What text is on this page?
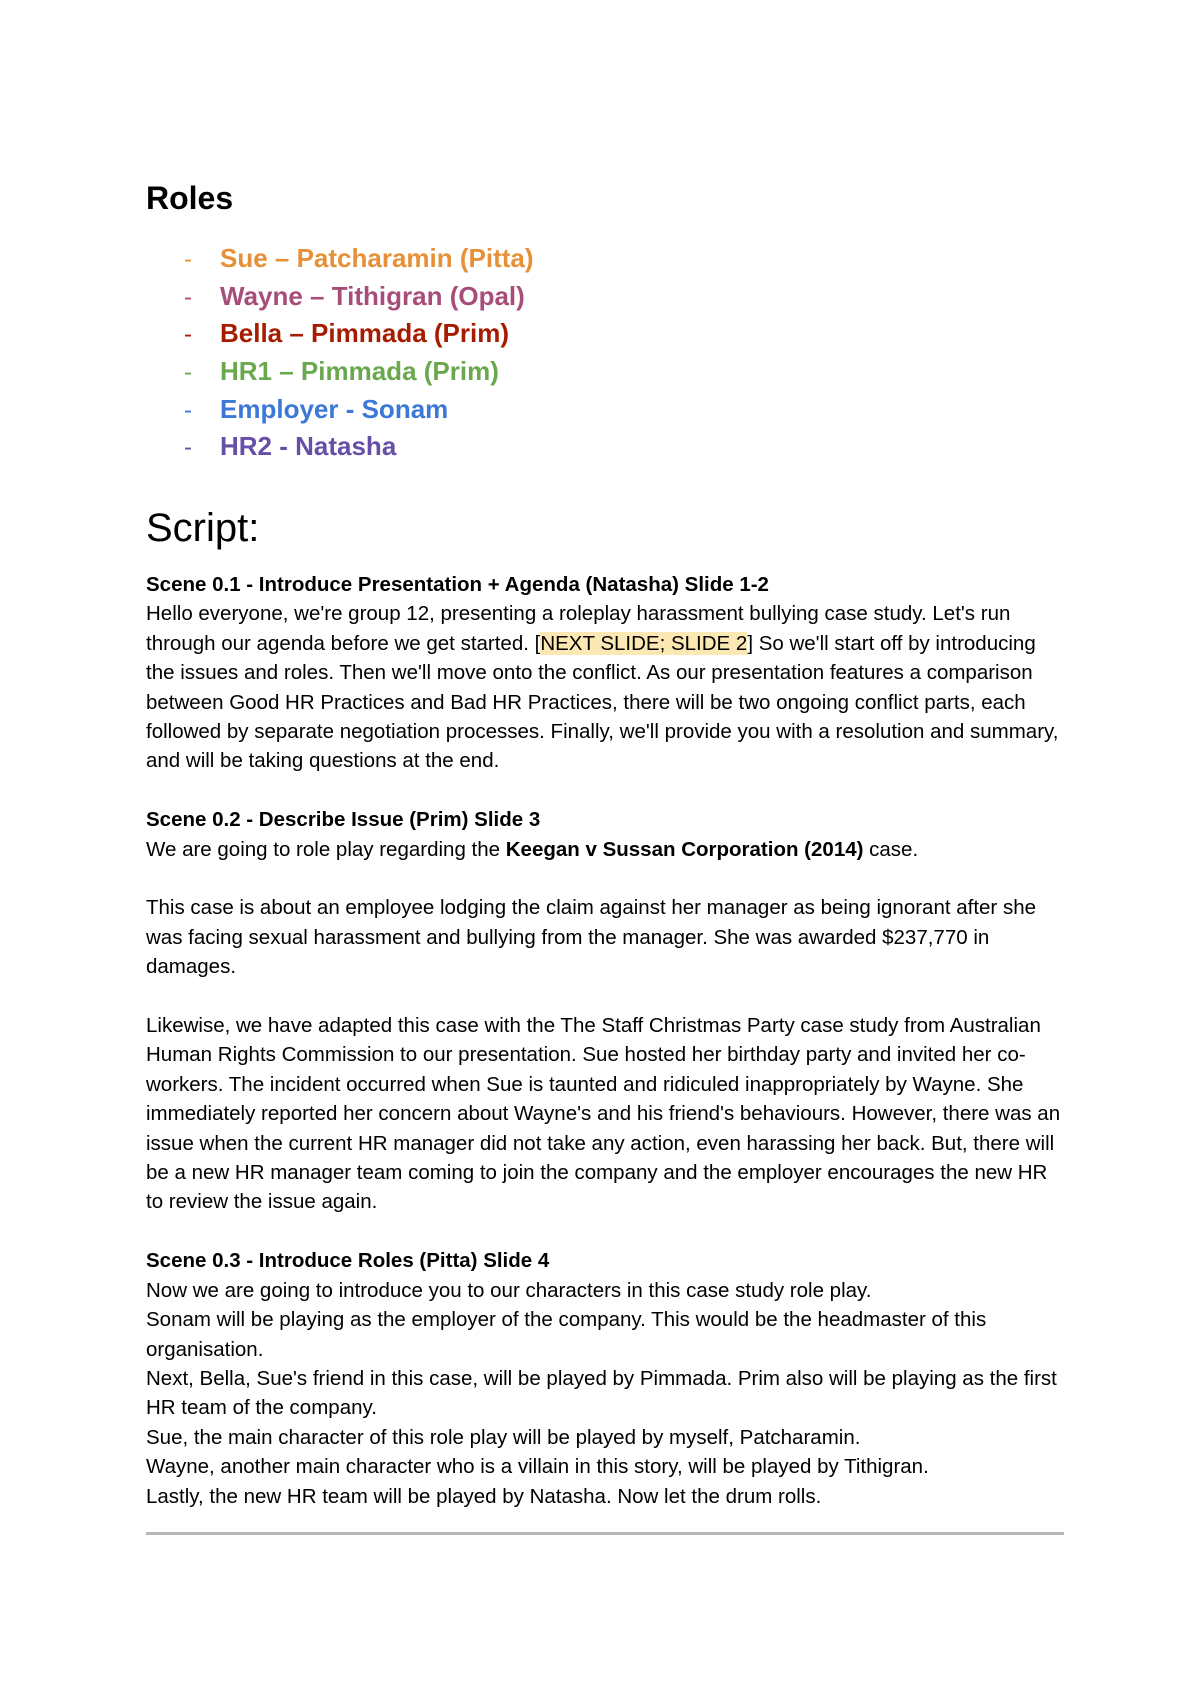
Roles
-	Sue – Patcharamin (Pitta)
-	Wayne – Tithigran (Opal)
-	Bella – Pimmada (Prim)
-	HR1 – Pimmada (Prim)
-	Employer - Sonam
-	HR2 - Natasha
Script:

Scene 0.1 - Introduce Presentation + Agenda (Natasha) Slide 1-2

Hello everyone, we're group 12, presenting a roleplay harassment bullying case study. Let's run through our agenda before we get started. [NEXT SLIDE; SLIDE 2] So we'll start off by introducing the issues and roles. Then we'll move onto the conflict. As our presentation features a comparison between Good HR Practices and Bad HR Practices, there will be two ongoing conflict parts, each followed by separate negotiation processes. Finally, we'll provide you with a resolution and summary, and will be taking questions at the end.

Scene 0.2 - Describe Issue (Prim) Slide 3

We are going to role play regarding the Keegan v Sussan Corporation (2014) case.

This case is about an employee lodging the claim against her manager as being ignorant after she was facing sexual harassment and bullying from the manager. She was awarded $237,770 in damages.

Likewise, we have adapted this case with the The Staff Christmas Party case study from Australian Human Rights Commission to our presentation. Sue hosted her birthday party and invited her co-workers. The incident occurred when Sue is taunted and ridiculed inappropriately by Wayne. She immediately reported her concern about Wayne's and his friend's behaviours. However, there was an issue when the current HR manager did not take any action, even harassing her back. But, there will be a new HR manager team coming to join the company and the employer encourages the new HR to review the issue again.

Scene 0.3 - Introduce Roles (Pitta) Slide 4

Now we are going to introduce you to our characters in this case study role play.

Sonam will be playing as the employer of the company. This would be the headmaster of this organisation.

Next, Bella, Sue's friend in this case, will be played by Pimmada. Prim also will be playing as the first HR team of the company.

Sue, the main character of this role play will be played by myself, Patcharamin.

Wayne, another main character who is a villain in this story, will be played by Tithigran.

Lastly, the new HR team will be played by Natasha. Now let the drum rolls.
